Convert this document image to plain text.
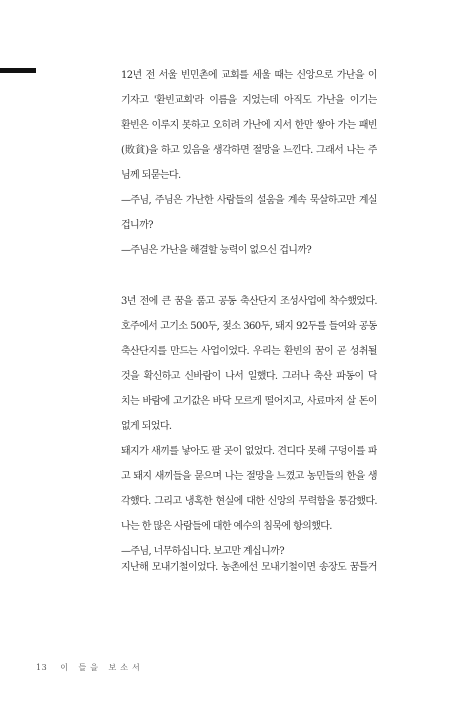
12년 전 서울 빈민촌에 교회를 세울 때는 신앙으로 가난을 이
기자고 '환빈교회'라 이름을 지었는데 아직도 가난을 이기는
환빈은 이루지 못하고 오히려 가난에 지서 한만 쌓아 가는 패빈
(敗貧)을 하고 있음을 생각하면 절망을 느낀다. 그래서 나는 주
님께 되묻는다.
—주님, 주님은 가난한 사람들의 설움을 계속 묵살하고만 계실
겁니까?
—주님은 가난을 해결할 능력이 없으신 겁니까?
3년 전에 큰 꿈을 품고 공동 축산단지 조성사업에 착수했었다.
호주에서 고기소 500두, 젖소 360두, 돼지 92두를 들여와 공동
축산단지를 만드는 사업이었다. 우리는 환빈의 꿈이 곧 성취될
것을 확신하고 신바람이 나서 일했다. 그러나 축산 파동이 닥
치는 바람에 고기값은 바닥 모르게 떨어지고, 사료마저 살 돈이
없게 되었다.
돼지가 새끼를 낳아도 팔 곳이 없었다. 견디다 못해 구덩이를 파
고 돼지 새끼들을 묻으며 나는 절망을 느꼈고 농민들의 한을 생
각했다. 그리고 냉혹한 현실에 대한 신앙의 무력함을 통감했다.
나는 한 많은 사람들에 대한 예수의 침묵에 항의했다.
—주님, 너무하십니다. 보고만 계십니까?
지난해 모내기철이었다. 농촌에선 모내기철이면 송장도 꿈틀거
13 이 들을 보소서
